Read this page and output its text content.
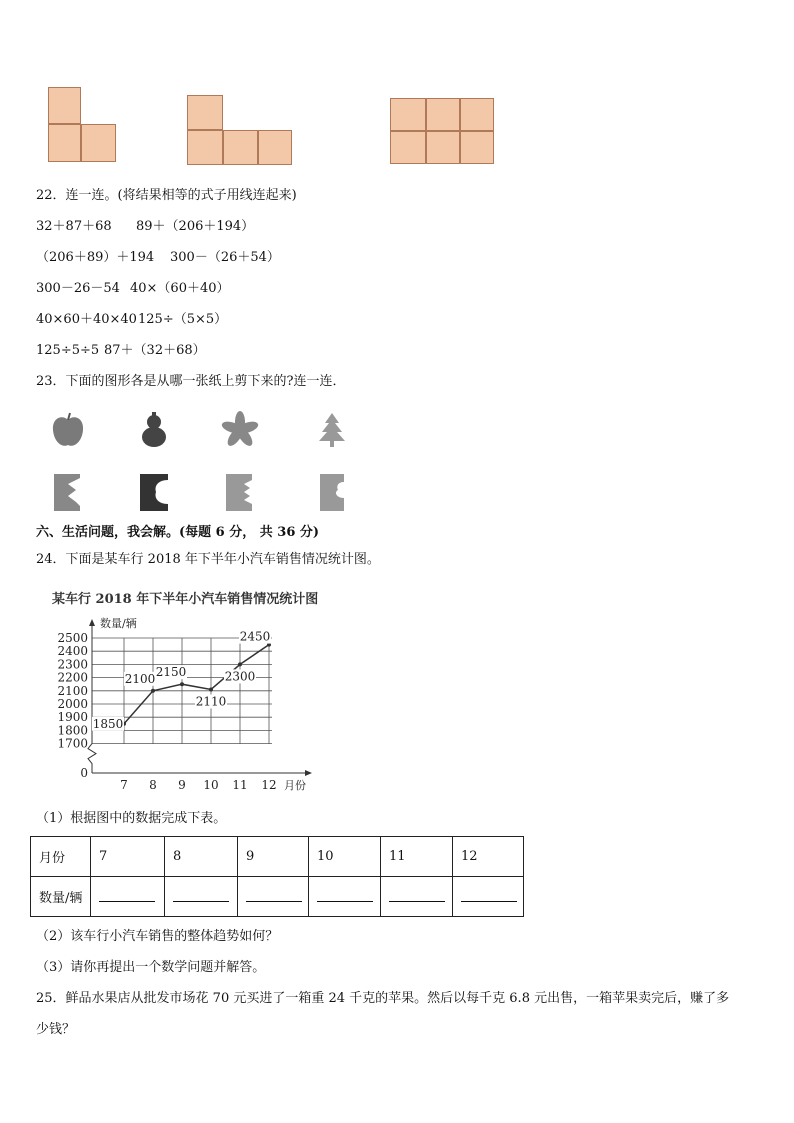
22．连一连。(将结果相等的式子用线连起来)
32＋87＋68 89＋（206＋194）
（206＋89）＋194 300－（26＋54）
300－26－54 40×（60＋40）
40×60＋40×40 125÷（5×5）
125÷5÷5 87＋（32＋68）
23．下面的图形各是从哪一张纸上剪下来的?连一连．
六、生活问题，我会解。(每题 6 分， 共 36 分)
24．下面是某车行 2018 年下半年小汽车销售情况统计图。
某车行 2018 年下半年小汽车销售情况统计图
0
1700
1800
1900
2000
2100
2200
2300
2400
2500
7 8 9 10 11 12
数量/辆
月份
1850
2100 2150
2110
2300
2450
（1）根据图中的数据完成下表。
月份	7	8	9	10	11	12
数量/辆						
（2）该车行小汽车销售的整体趋势如何？
（3）请你再提出一个数学问题并解答。
25．鲜品水果店从批发市场花 70 元买进了一箱重 24 千克的苹果。然后以每千克 6.8 元出售，一箱苹果卖完后，赚了多
少钱？
